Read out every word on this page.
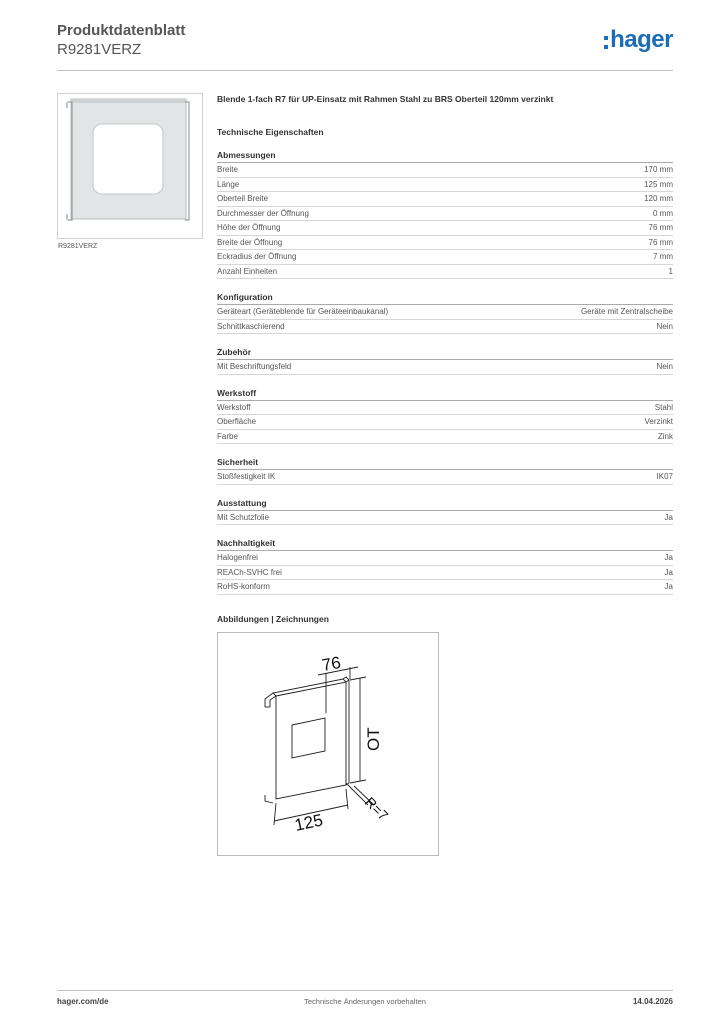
Produktdatenblatt
R9281VERZ	hager
R9281VERZ
Blende 1-fach R7 für UP-Einsatz mit Rahmen Stahl zu BRS Oberteil 120mm verzinkt
Technische Eigenschaften
Abmessungen
Breite	170 mm
Länge	125 mm
Oberteil Breite	120 mm
Durchmesser der Öffnung	0 mm
Höhe der Öffnung	76 mm
Breite der Öffnung	76 mm
Eckradius der Öffnung	7 mm
Anzahl Einheiten	1
Konfiguration
Geräteart (Geräteblende für Geräteeinbaukanal)	Geräte mit Zentralscheibe
Schnittkaschierend	Nein
Zubehör
Mit Beschriftungsfeld	Nein
Werkstoff
Werkstoff	Stahl
Oberfläche	Verzinkt
Farbe	Zink
Sicherheit
Stoßfestigkeit IK	IK07
Ausstattung
Mit Schutzfolie	Ja
Nachhaltigkeit
Halogenfrei	Ja
REACh-SVHC frei	Ja
RoHS-konform	Ja
Abbildungen | Zeichnungen
76
OT
R=7
125
hager.com/de	Technische Änderungen vorbehalten	14.04.2026
